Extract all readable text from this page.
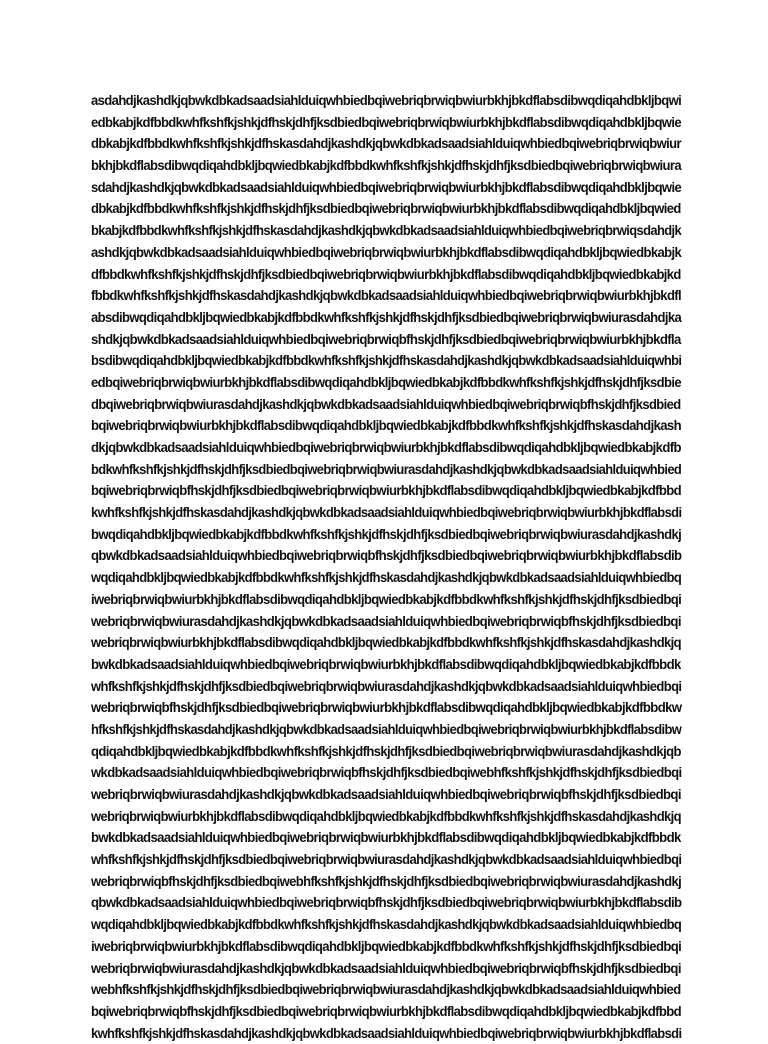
asdahdjkashdkjqbwkdbkadsaadsiahlduiqwhbiedbqiwebriqbrwiqbwiurbkhjbkdflabsdibwqdiqahdbkljbqwi
edbkabjkdfbbdkwhfkshfkjshkjdfhskjdhfjksdbiedbqiwebriqbrwiqbwiurbkhjbkdflabsdibwqdiqahdbkljbqwie
dbkabjkdfbbdkwhfkshfkjshkjdfhskasdahdjkashdkjqbwkdbkadsaadsiahlduiqwhbiedbqiwebriqbrwiqbwiur
bkhjbkdflabsdibwqdiqahdbkljbqwiedbkabjkdfbbdkwhfkshfkjshkjdfhskjdhfjksdbiedbqiwebriqbrwiqbwiura
sdahdjkashdkjqbwkdbkadsaadsiahlduiqwhbiedbqiwebriqbrwiqbwiurbkhjbkdflabsdibwqdiqahdbkljbqwie
dbkabjkdfbbdkwhfkshfkjshkjdfhskjdhfjksdbiedbqiwebriqbrwiqbwiurbkhjbkdflabsdibwqdiqahdbkljbqwied
bkabjkdfbbdkwhfkshfkjshkjdfhskasdahdjkashdkjqbwkdbkadsaadsiahlduiqwhbiedbqiwebriqbrwiqsdahdjk
ashdkjqbwkdbkadsaadsiahlduiqwhbiedbqiwebriqbrwiqbwiurbkhjbkdflabsdibwqdiqahdbkljbqwiedbkabjk
dfbbdkwhfkshfkjshkjdfhskjdhfjksdbiedbqiwebriqbrwiqbwiurbkhjbkdflabsdibwqdiqahdbkljbqwiedbkabjkd
fbbdkwhfkshfkjshkjdfhskasdahdjkashdkjqbwkdbkadsaadsiahlduiqwhbiedbqiwebriqbrwiqbwiurbkhjbkdfl
absdibwqdiqahdbkljbqwiedbkabjkdfbbdkwhfkshfkjshkjdfhskjdhfjksdbiedbqiwebriqbrwiqbwiurasdahdjka
shdkjqbwkdbkadsaadsiahlduiqwhbiedbqiwebriqbrwiqbfhskjdhfjksdbiedbqiwebriqbrwiqbwiurbkhjbkdfla
bsdibwqdiqahdbkljbqwiedbkabjkdfbbdkwhfkshfkjshkjdfhskasdahdjkashdkjqbwkdbkadsaadsiahlduiqwhbi
edbqiwebriqbrwiqbwiurbkhjbkdflabsdibwqdiqahdbkljbqwiedbkabjkdfbbdkwhfkshfkjshkjdfhskjdhfjksdbie
dbqiwebriqbrwiqbwiurasdahdjkashdkjqbwkdbkadsaadsiahlduiqwhbiedbqiwebriqbrwiqbfhskjdhfjksdbied
bqiwebriqbrwiqbwiurbkhjbkdflabsdibwqdiqahdbkljbqwiedbkabjkdfbbdkwhfkshfkjshkjdfhskasdahdjkash
dkjqbwkdbkadsaadsiahlduiqwhbiedbqiwebriqbrwiqbwiurbkhjbkdflabsdibwqdiqahdbkljbqwiedbkabjkdfb
bdkwhfkshfkjshkjdfhskjdhfjksdbiedbqiwebriqbrwiqbwiurasdahdjkashdkjqbwkdbkadsaadsiahlduiqwhbied
bqiwebriqbrwiqbfhskjdhfjksdbiedbqiwebriqbrwiqbwiurbkhjbkdflabsdibwqdiqahdbkljbqwiedbkabjkdfbbd
kwhfkshfkjshkjdfhskasdahdjkashdkjqbwkdbkadsaadsiahlduiqwhbiedbqiwebriqbrwiqbwiurbkhjbkdflabsdi
bwqdiqahdbkljbqwiedbkabjkdfbbdkwhfkshfkjshkjdfhskjdhfjksdbiedbqiwebriqbrwiqbwiurasdahdjkashdkj
qbwkdbkadsaadsiahlduiqwhbiedbqiwebriqbrwiqbfhskjdhfjksdbiedbqiwebriqbrwiqbwiurbkhjbkdflabsdib
wqdiqahdbkljbqwiedbkabjkdfbbdkwhfkshfkjshkjdfhskasdahdjkashdkjqbwkdbkadsaadsiahlduiqwhbiedbq
iwebriqbrwiqbwiurbkhjbkdflabsdibwqdiqahdbkljbqwiedbkabjkdfbbdkwhfkshfkjshkjdfhskjdhfjksdbiedbqi
webriqbrwiqbwiurasdahdjkashdkjqbwkdbkadsaadsiahlduiqwhbiedbqiwebriqbrwiqbfhskjdhfjksdbiedbqi
webriqbrwiqbwiurbkhjbkdflabsdibwqdiqahdbkljbqwiedbkabjkdfbbdkwhfkshfkjshkjdfhskasdahdjkashdkjq
bwkdbkadsaadsiahlduiqwhbiedbqiwebriqbrwiqbwiurbkhjbkdflabsdibwqdiqahdbkljbqwiedbkabjkdfbbdk
whfkshfkjshkjdfhskjdhfjksdbiedbqiwebriqbrwiqbwiurasdahdjkashdkjqbwkdbkadsaadsiahlduiqwhbiedbqi
webriqbrwiqbfhskjdhfjksdbiedbqiwebriqbrwiqbwiurbkhjbkdflabsdibwqdiqahdbkljbqwiedbkabjkdfbbdkw
hfkshfkjshkjdfhskasdahdjkashdkjqbwkdbkadsaadsiahlduiqwhbiedbqiwebriqbrwiqbwiurbkhjbkdflabsdibw
qdiqahdbkljbqwiedbkabjkdfbbdkwhfkshfkjshkjdfhskjdhfjksdbiedbqiwebriqbrwiqbwiurasdahdjkashdkjqb
wkdbkadsaadsiahlduiqwhbiedbqiwebriqbrwiqbfhskjdhfjksdbiedbqiwebhfkshfkjshkjdfhskjdhfjksdbiedbqi
webriqbrwiqbwiurasdahdjkashdkjqbwkdbkadsaadsiahlduiqwhbiedbqiwebriqbrwiqbfhskjdhfjksdbiedbqi
webriqbrwiqbwiurbkhjbkdflabsdibwqdiqahdbkljbqwiedbkabjkdfbbdkwhfkshfkjshkjdfhskasdahdjkashdkjq
bwkdbkadsaadsiahlduiqwhbiedbqiwebriqbrwiqbwiurbkhjbkdflabsdibwqdiqahdbkljbqwiedbkabjkdfbbdk
whfkshfkjshkjdfhskjdhfjksdbiedbqiwebriqbrwiqbwiurasdahdjkashdkjqbwkdbkadsaadsiahlduiqwhbiedbqi
webriqbrwiqbfhskjdhfjksdbiedbqiwebhfkshfkjshkjdfhskjdhfjksdbiedbqiwebriqbrwiqbwiurasdahdjkashdkj
qbwkdbkadsaadsiahlduiqwhbiedbqiwebriqbrwiqbfhskjdhfjksdbiedbqiwebriqbrwiqbwiurbkhjbkdflabsdib
wqdiqahdbkljbqwiedbkabjkdfbbdkwhfkshfkjshkjdfhskasdahdjkashdkjqbwkdbkadsaadsiahlduiqwhbiedbq
iwebriqbrwiqbwiurbkhjbkdflabsdibwqdiqahdbkljbqwiedbkabjkdfbbdkwhfkshfkjshkjdfhskjdhfjksdbiedbqi
webriqbrwiqbwiurasdahdjkashdkjqbwkdbkadsaadsiahlduiqwhbiedbqiwebriqbrwiqbfhskjdhfjksdbiedbqi
webhfkshfkjshkjdfhskjdhfjksdbiedbqiwebriqbrwiqbwiurasdahdjkashdkjqbwkdbkadsaadsiahlduiqwhbied
bqiwebriqbrwiqbfhskjdhfjksdbiedbqiwebriqbrwiqbwiurbkhjbkdflabsdibwqdiqahdbkljbqwiedbkabjkdfbbd
kwhfkshfkjshkjdfhskasdahdjkashdkjqbwkdbkadsaadsiahlduiqwhbiedbqiwebriqbrwiqbwiurbkhjbkdflabsdi
